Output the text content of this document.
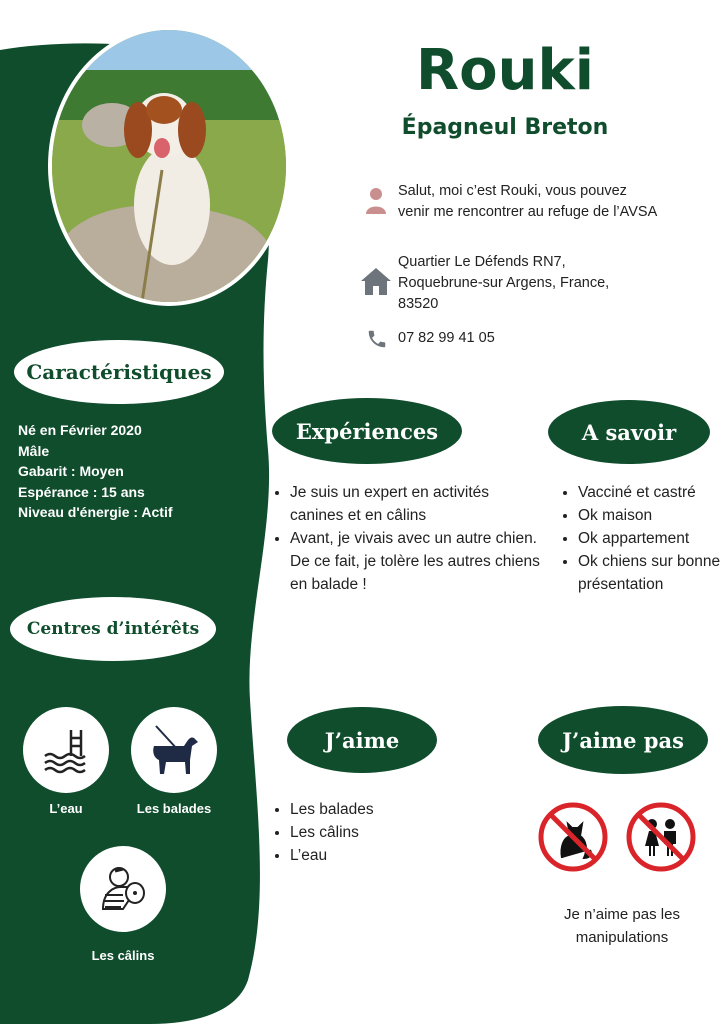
Rouki
Épagneul Breton
Salut, moi c’est Rouki, vous pouvez venir me rencontrer au refuge de l’AVSA
Quartier Le Défends RN7, Roquebrune-sur Argens, France, 83520
07 82 99 41 05
Caractéristiques
Né en Février 2020
Mâle
Gabarit : Moyen
Espérance : 15 ans
Niveau d'énergie : Actif
Centres d’intérêts
L’eau	Les balades
Les câlins
Expériences
• Je suis un expert en activités canines et en câlins
• Avant, je vivais avec un autre chien. De ce fait, je tolère les autres chiens en balade !
A savoir
• Vacciné et castré
• Ok maison
• Ok appartement
• Ok chiens sur bonne présentation
J’aime
• Les balades
• Les câlins
• L’eau
J’aime pas
Je n’aime pas les manipulations
